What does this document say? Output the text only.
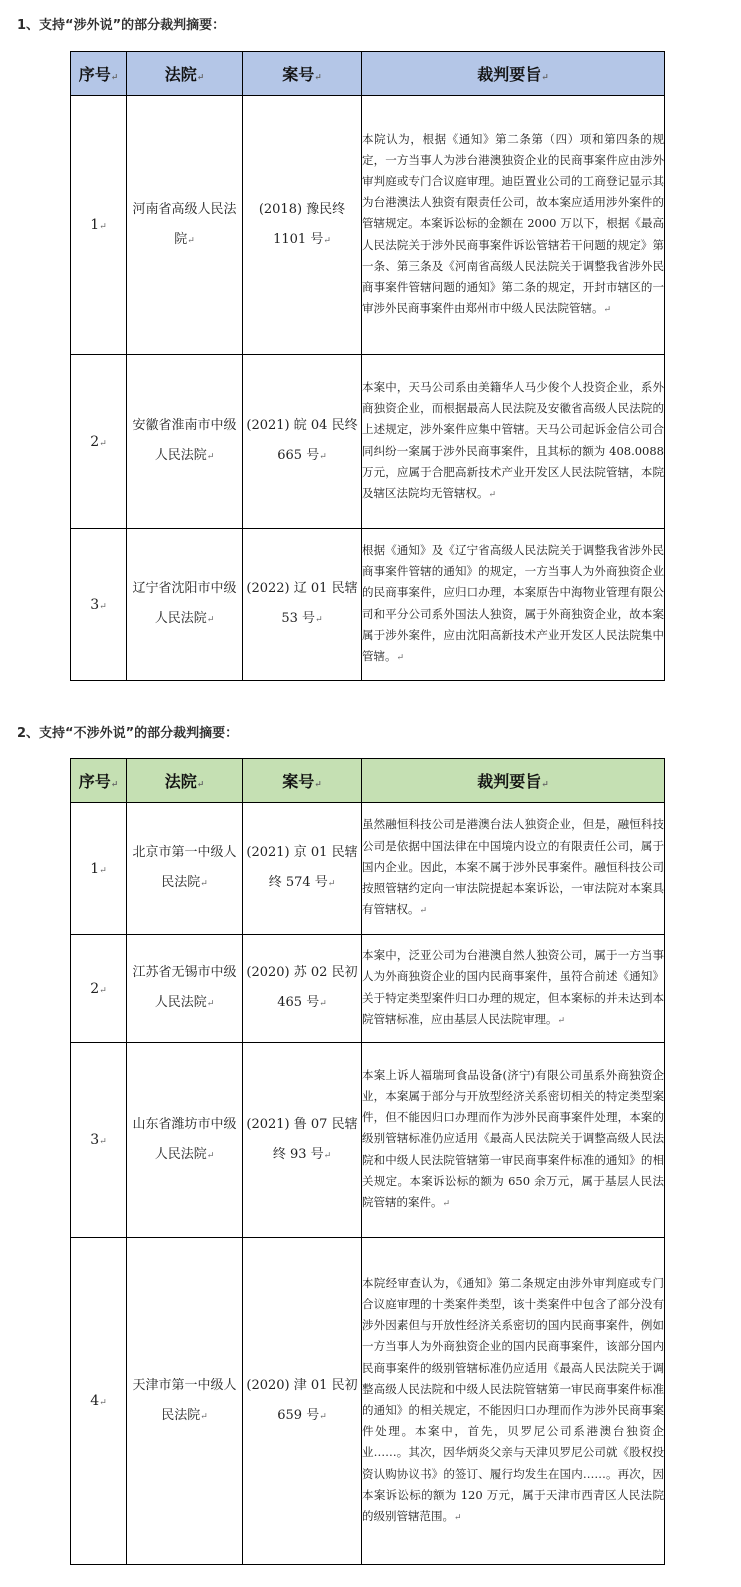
1、支持“涉外说”的部分裁判摘要：
序号↵	法院↵	案号↵	裁判要旨↵
1↵	河南省高级人民法院↵	(2018) 豫民终 1101 号↵	本院认为，根据《通知》第二条第（四）项和第四条的规定，一方当事人为涉台港澳独资企业的民商事案件应由涉外审判庭或专门合议庭审理。迪臣置业公司的工商登记显示其为台港澳法人独资有限责任公司，故本案应适用涉外案件的管辖规定。本案诉讼标的金额在 2000 万以下，根据《最高人民法院关于涉外民商事案件诉讼管辖若干问题的规定》第一条、第三条及《河南省高级人民法院关于调整我省涉外民商事案件管辖问题的通知》第二条的规定，开封市辖区的一审涉外民商事案件由郑州市中级人民法院管辖。↵
2↵	安徽省淮南市中级人民法院↵	(2021) 皖 04 民终 665 号↵	本案中，天马公司系由美籍华人马少俊个人投资企业，系外商独资企业，而根据最高人民法院及安徽省高级人民法院的上述规定，涉外案件应集中管辖。天马公司起诉金信公司合同纠纷一案属于涉外民商事案件，且其标的额为 408.0088 万元，应属于合肥高新技术产业开发区人民法院管辖，本院及辖区法院均无管辖权。↵
3↵	辽宁省沈阳市中级人民法院↵	(2022) 辽 01 民辖 53 号↵	根据《通知》及《辽宁省高级人民法院关于调整我省涉外民商事案件管辖的通知》的规定，一方当事人为外商独资企业的民商事案件，应归口办理，本案原告中海物业管理有限公司和平分公司系外国法人独资，属于外商独资企业，故本案属于涉外案件，应由沈阳高新技术产业开发区人民法院集中管辖。↵
2、支持“不涉外说”的部分裁判摘要：
序号↵	法院↵	案号↵	裁判要旨↵
1↵	北京市第一中级人民法院↵	(2021) 京 01 民辖终 574 号↵	虽然融恒科技公司是港澳台法人独资企业，但是，融恒科技公司是依据中国法律在中国境内设立的有限责任公司，属于国内企业。因此，本案不属于涉外民事案件。融恒科技公司按照管辖约定向一审法院提起本案诉讼，一审法院对本案具有管辖权。↵
2↵	江苏省无锡市中级人民法院↵	(2020) 苏 02 民初 465 号↵	本案中，泛亚公司为台港澳自然人独资公司，属于一方当事人为外商独资企业的国内民商事案件，虽符合前述《通知》关于特定类型案件归口办理的规定，但本案标的并未达到本院管辖标准，应由基层人民法院审理。↵
3↵	山东省潍坊市中级人民法院↵	(2021) 鲁 07 民辖终 93 号↵	本案上诉人福瑞珂食品设备(济宁)有限公司虽系外商独资企业，本案属于部分与开放型经济关系密切相关的特定类型案件，但不能因归口办理而作为涉外民商事案件处理，本案的级别管辖标准仍应适用《最高人民法院关于调整高级人民法院和中级人民法院管辖第一审民商事案件标准的通知》的相关规定。本案诉讼标的额为 650 余万元，属于基层人民法院管辖的案件。↵
4↵	天津市第一中级人民法院↵	(2020) 津 01 民初 659 号↵	本院经审查认为，《通知》第二条规定由涉外审判庭或专门合议庭审理的十类案件类型，该十类案件中包含了部分没有涉外因素但与开放性经济关系密切的国内民商事案件，例如一方当事人为外商独资企业的国内民商事案件，该部分国内民商事案件的级别管辖标准仍应适用《最高人民法院关于调整高级人民法院和中级人民法院管辖第一审民商事案件标准的通知》的相关规定，不能因归口办理而作为涉外民商事案件处理。本案中，首先，贝罗尼公司系港澳台独资企业……。其次，因华炳炎父亲与天津贝罗尼公司就《股权投资认购协议书》的签订、履行均发生在国内……。再次，因本案诉讼标的额为 120 万元，属于天津市西青区人民法院的级别管辖范围。↵
